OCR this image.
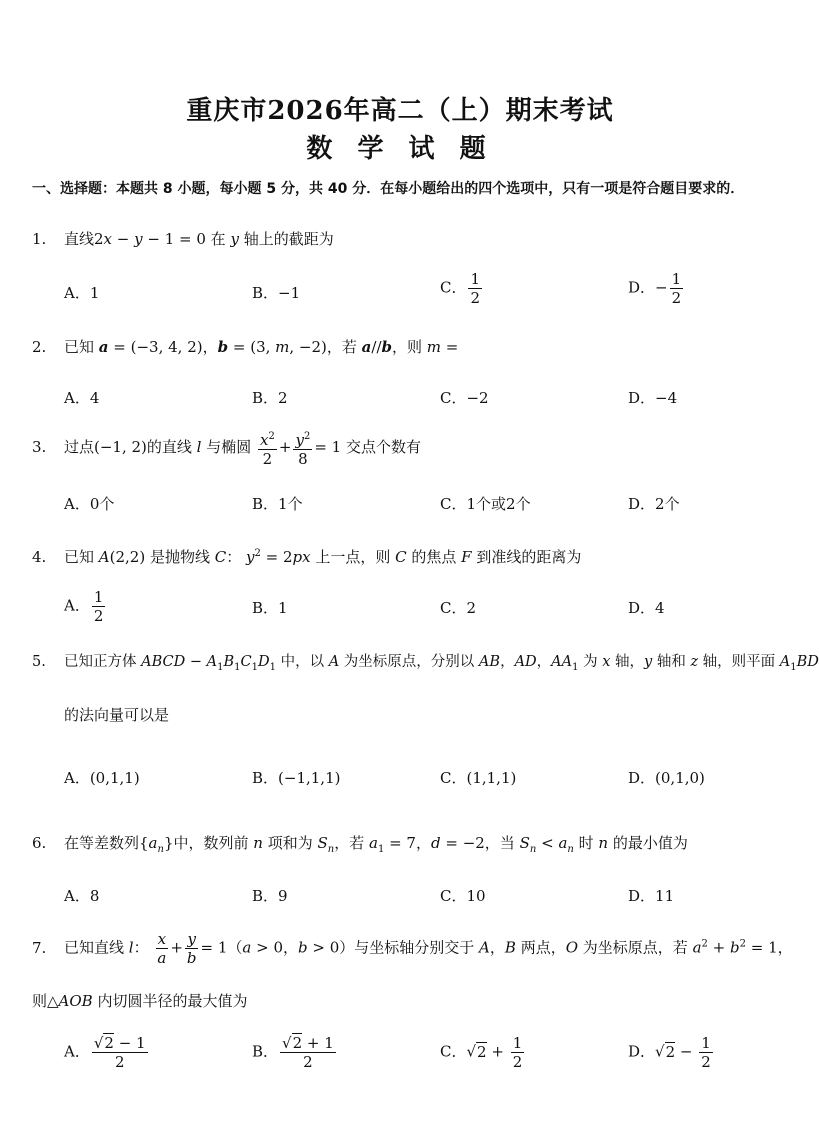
重庆市2026年高二（上）期末考试
数 学 试 题
一、选择题：本题共 8 小题，每小题 5 分，共 40 分．在每小题给出的四个选项中，只有一项是符合题目要求的．
1. 直线2x − y − 1 = 0 在 y 轴上的截距为
A．1	B．−1	C． $\frac{1}{2}$	D．− $\frac{1}{2}$
2. 已知 a = (−3, 4, 2)，b = (3, m, −2)，若 a//b，则 m =
A．4	B．2	C．−2	D．−4
3. 过点(−1, 2)的直线 l 与椭圆 $\frac{x^2}{2} + \frac{y^2}{8} = 1$ 交点个数有
A．0个	B．1个	C．1个或2个	D．2个
4. 已知 A(2,2) 是抛物线 C： $y^2 = 2px$ 上一点，则 C 的焦点 F 到准线的距离为
A． $\frac{1}{2}$	B．1	C．2	D．4
5. 已知正方体 ABCD − $A_1B_1C_1D_1$ 中，以 A 为坐标原点，分别以 AB，AD，$AA_1$ 为 x 轴，y 轴和 z 轴，则平面 $A_1BD$
的法向量可以是
A．(0,1,1)	B．(−1,1,1)	C．(1,1,1)	D．(0,1,0)
6. 在等差数列$\{a_n\}$中，数列前 n 项和为 $S_n$，若 $a_1 = 7$，d = −2，当 $S_n < a_n$ 时 n 的最小值为
A．8	B．9	C．10	D．11
7. 已知直线 l： $\frac{x}{a} + \frac{y}{b} = 1(a > 0$，b > 0）与坐标轴分别交于 A，B 两点，O 为坐标原点，若 $a^2 + b^2 = 1$，
则△AOB 内切圆半径的最大值为
A． $\frac{√2 - 1}{2}$	B． $\frac{√2 + 1}{2}$	C．$√2 + \frac{1}{2}$	D．$√2 - \frac{1}{2}$
